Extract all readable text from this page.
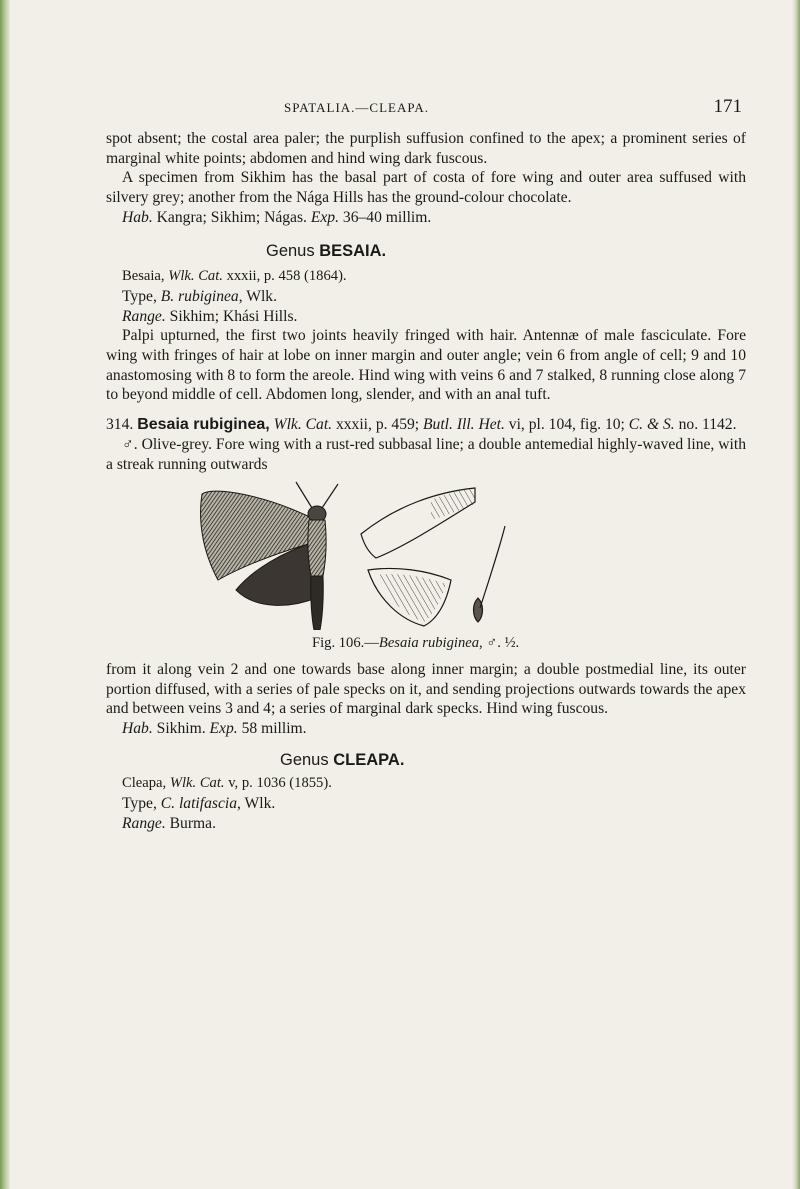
SPATALIA.—CLEAPA.	171

spot absent; the costal area paler; the purplish suffusion confined to the apex; a prominent series of marginal white points; abdomen and hind wing dark fuscous.

A specimen from Sikhim has the basal part of costa of fore wing and outer area suffused with silvery grey; another from the Nága Hills has the ground-colour chocolate.

Hab. Kangra; Sikhim; Nágas. Exp. 36–40 millim.

Genus BESAIA.

Besaia, Wlk. Cat. xxxii, p. 458 (1864).

Type, B. rubiginea, Wlk.

Range. Sikhim; Khási Hills.

Palpi upturned, the first two joints heavily fringed with hair. Antennæ of male fasciculate. Fore wing with fringes of hair at lobe on inner margin and outer angle; vein 6 from angle of cell; 9 and 10 anastomosing with 8 to form the areole. Hind wing with veins 6 and 7 stalked, 8 running close along 7 to beyond middle of cell. Abdomen long, slender, and with an anal tuft.

314. Besaia rubiginea, Wlk. Cat. xxxii, p. 459; Butl. Ill. Het. vi, pl. 104, fig. 10; C. & S. no. 1142.

♂. Olive-grey. Fore wing with a rust-red subbasal line; a double antemedial highly-waved line, with a streak running outwards

Fig. 106.—Besaia rubiginea, ♂. ½.

from it along vein 2 and one towards base along inner margin; a double postmedial line, its outer portion diffused, with a series of pale specks on it, and sending projections outwards towards the apex and between veins 3 and 4; a series of marginal dark specks. Hind wing fuscous.

Hab. Sikhim. Exp. 58 millim.

Genus CLEAPA.

Cleapa, Wlk. Cat. v, p. 1036 (1855).

Type, C. latifascia, Wlk.

Range. Burma.
